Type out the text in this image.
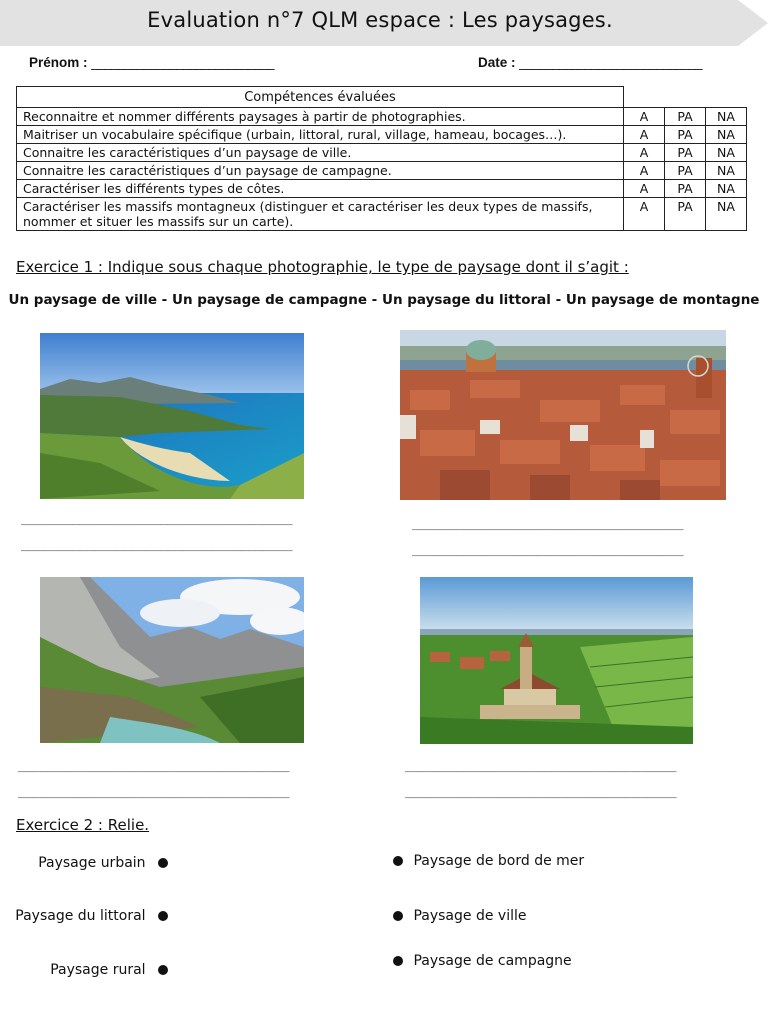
Evaluation n°7 QLM espace : Les paysages.
Prénom : ____________________________	Date : ____________________________
Compétences évaluées			
Reconnaitre et nommer différents paysages à partir de photographies.	A	PA	NA
Maitriser un vocabulaire spécifique (urbain, littoral, rural, village, hameau, bocages…).	A	PA	NA
Connaitre les caractéristiques d’un paysage de ville.	A	PA	NA
Connaitre les caractéristiques d’un paysage de campagne.	A	PA	NA
Caractériser les différents types de côtes.	A	PA	NA
Caractériser les massifs montagneux (distinguer et caractériser les deux types de massifs, nommer et situer les massifs sur un carte).	A	PA	NA
Exercice 1 : Indique sous chaque photographie, le type de paysage dont il s’agit :
Un paysage de ville - Un paysage de campagne - Un paysage du littoral - Un paysage de montagne
_____________________________________
_____________________________________
_____________________________________
_____________________________________
_____________________________________
_____________________________________
_____________________________________
_____________________________________
Exercice 2 : Relie.
Paysage urbain
Paysage du littoral
Paysage rural
Paysage de bord de mer
Paysage de ville
Paysage de campagne
